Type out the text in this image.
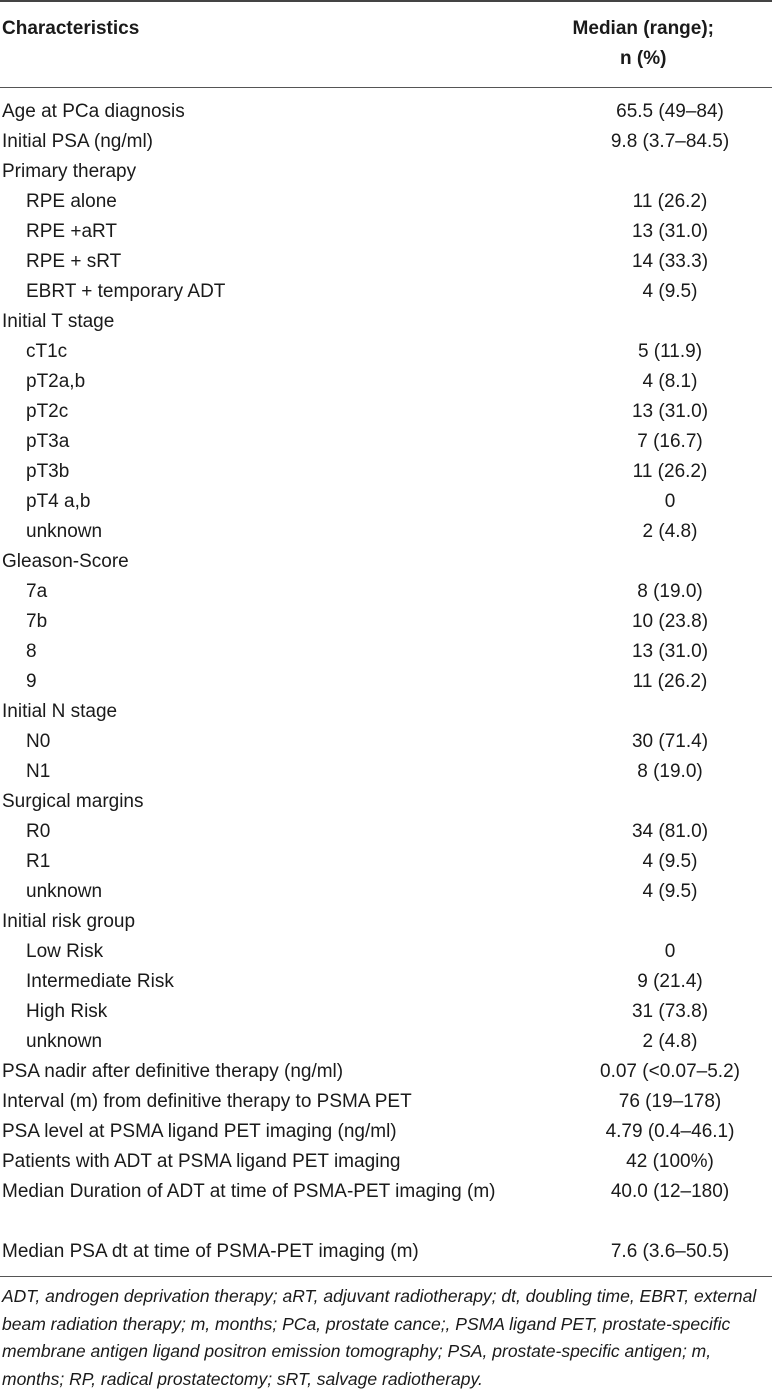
Characteristics	Median (range);
n (%)
Age at PCa diagnosis	65.5 (49–84)
Initial PSA (ng/ml)	9.8 (3.7–84.5)
Primary therapy
RPE alone	11 (26.2)
RPE +aRT	13 (31.0)
RPE + sRT	14 (33.3)
EBRT + temporary ADT	4 (9.5)
Initial T stage
cT1c	5 (11.9)
pT2a,b	4 (8.1)
pT2c	13 (31.0)
pT3a	7 (16.7)
pT3b	11 (26.2)
pT4 a,b	0
unknown	2 (4.8)
Gleason-Score
7a	8 (19.0)
7b	10 (23.8)
8	13 (31.0)
9	11 (26.2)
Initial N stage
N0	30 (71.4)
N1	8 (19.0)
Surgical margins
R0	34 (81.0)
R1	4 (9.5)
unknown	4 (9.5)
Initial risk group
Low Risk	0
Intermediate Risk	9 (21.4)
High Risk	31 (73.8)
unknown	2 (4.8)
PSA nadir after definitive therapy (ng/ml)	0.07 (<0.07–5.2)
Interval (m) from definitive therapy to PSMA PET	76 (19–178)
PSA level at PSMA ligand PET imaging (ng/ml)	4.79 (0.4–46.1)
Patients with ADT at PSMA ligand PET imaging	42 (100%)
Median Duration of ADT at time of PSMA-PET imaging (m)	40.0 (12–180)
Median PSA dt at time of PSMA-PET imaging (m)	7.6 (3.6–50.5)
ADT, androgen deprivation therapy; aRT, adjuvant radiotherapy; dt, doubling time, EBRT, external beam radiation therapy; m, months; PCa, prostate cance;, PSMA ligand PET, prostate-specific membrane antigen ligand positron emission tomography; PSA, prostate-specific antigen; m, months; RP, radical prostatectomy; sRT, salvage radiotherapy.
